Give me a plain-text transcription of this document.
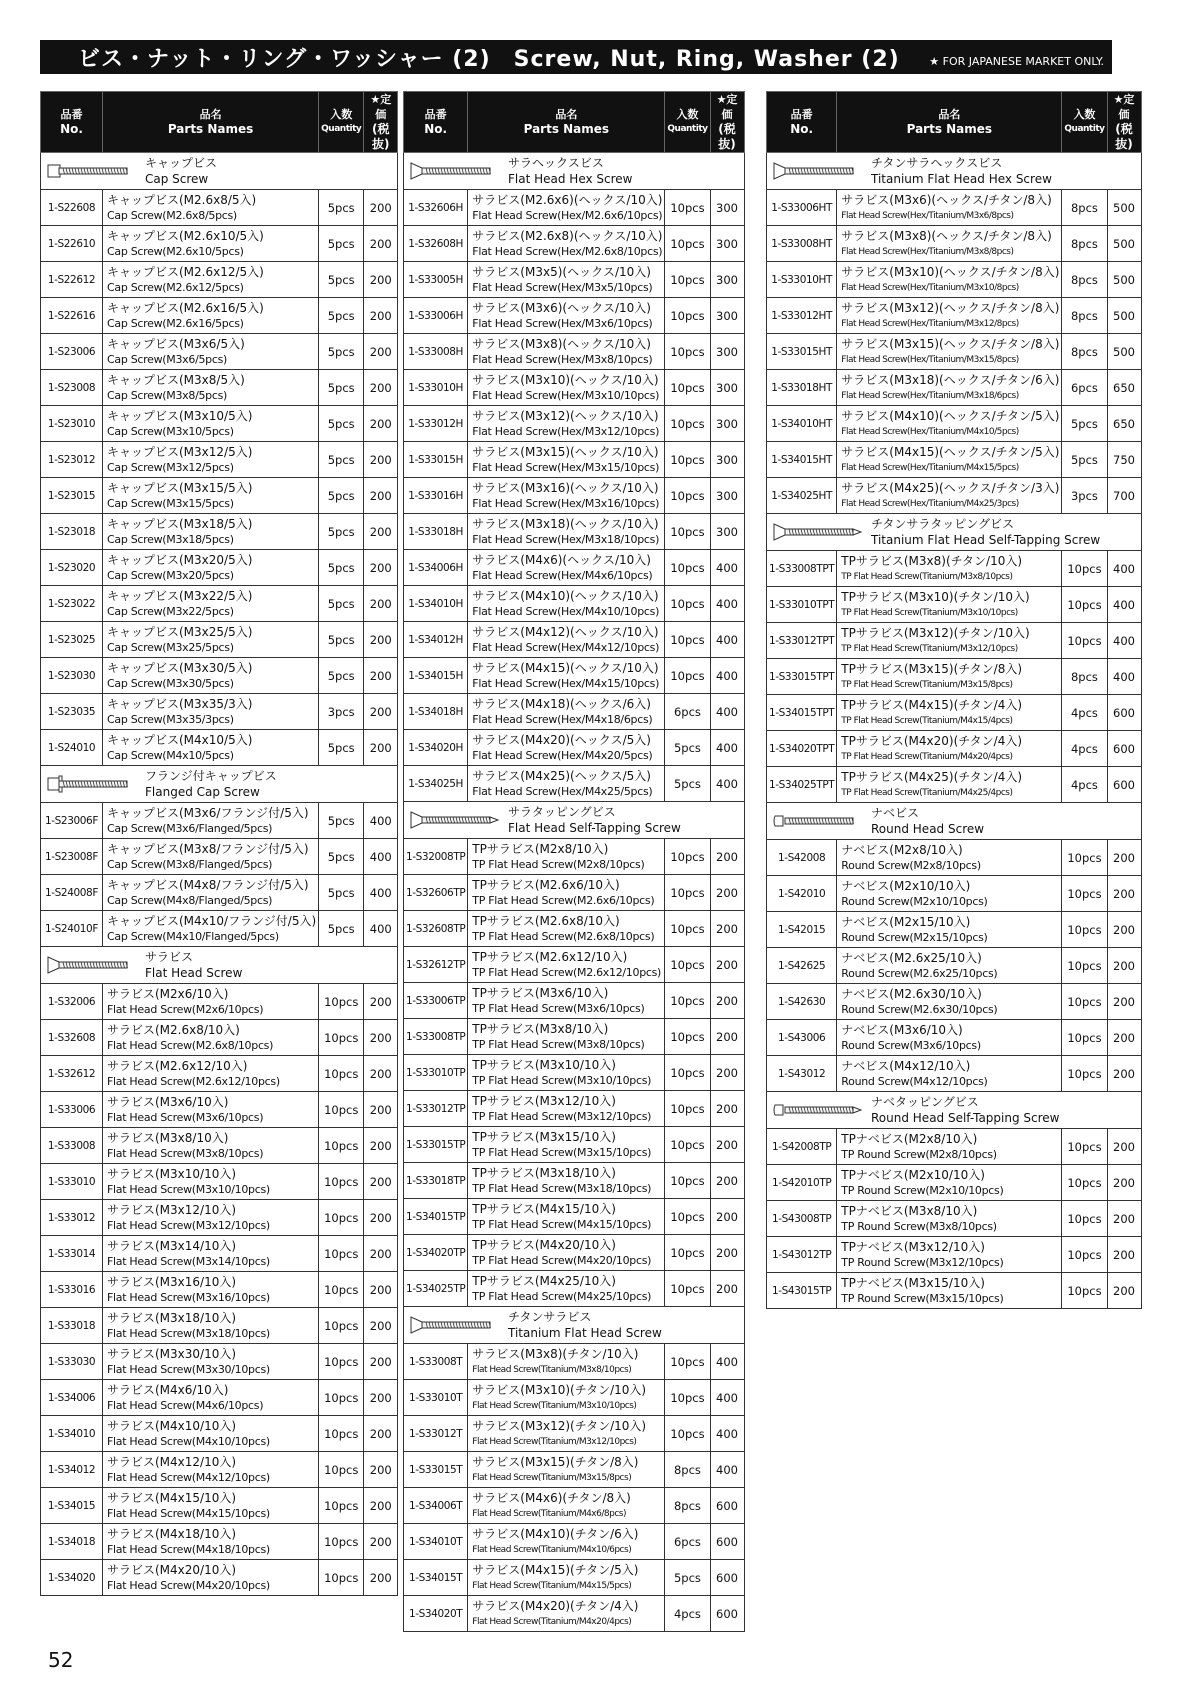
ビス・ナット・リング・ワッシャー (2)　Screw, Nut, Ring, Washer (2)	★ FOR JAPANESE MARKET ONLY.
品番
No.	品名
Parts Names	入数
Quantity	★定価
(税抜)

キャップビス
Cap Screw			

1-S22608	キャップビス(M2.6x8/5入)
Cap Screw(M2.6x8/5pcs)	5pcs	200
1-S22610	キャップビス(M2.6x10/5入)
Cap Screw(M2.6x10/5pcs)	5pcs	200
1-S22612	キャップビス(M2.6x12/5入)
Cap Screw(M2.6x12/5pcs)	5pcs	200
1-S22616	キャップビス(M2.6x16/5入)
Cap Screw(M2.6x16/5pcs)	5pcs	200
1-S23006	キャップビス(M3x6/5入)
Cap Screw(M3x6/5pcs)	5pcs	200
1-S23008	キャップビス(M3x8/5入)
Cap Screw(M3x8/5pcs)	5pcs	200
1-S23010	キャップビス(M3x10/5入)
Cap Screw(M3x10/5pcs)	5pcs	200
1-S23012	キャップビス(M3x12/5入)
Cap Screw(M3x12/5pcs)	5pcs	200
1-S23015	キャップビス(M3x15/5入)
Cap Screw(M3x15/5pcs)	5pcs	200
1-S23018	キャップビス(M3x18/5入)
Cap Screw(M3x18/5pcs)	5pcs	200
1-S23020	キャップビス(M3x20/5入)
Cap Screw(M3x20/5pcs)	5pcs	200
1-S23022	キャップビス(M3x22/5入)
Cap Screw(M3x22/5pcs)	5pcs	200
1-S23025	キャップビス(M3x25/5入)
Cap Screw(M3x25/5pcs)	5pcs	200
1-S23030	キャップビス(M3x30/5入)
Cap Screw(M3x30/5pcs)	5pcs	200
1-S23035	キャップビス(M3x35/3入)
Cap Screw(M3x35/3pcs)	3pcs	200
1-S24010	キャップビス(M4x10/5入)
Cap Screw(M4x10/5pcs)	5pcs	200

フランジ付キャップビス
Flanged Cap Screw			

1-S23006F	キャップビス(M3x6/フランジ付/5入)
Cap Screw(M3x6/Flanged/5pcs)	5pcs	400
1-S23008F	キャップビス(M3x8/フランジ付/5入)
Cap Screw(M3x8/Flanged/5pcs)	5pcs	400
1-S24008F	キャップビス(M4x8/フランジ付/5入)
Cap Screw(M4x8/Flanged/5pcs)	5pcs	400
1-S24010F	キャップビス(M4x10/フランジ付/5入)
Cap Screw(M4x10/Flanged/5pcs)	5pcs	400

サラビス
Flat Head Screw			

1-S32006	サラビス(M2x6/10入)
Flat Head Screw(M2x6/10pcs)	10pcs	200
1-S32608	サラビス(M2.6x8/10入)
Flat Head Screw(M2.6x8/10pcs)	10pcs	200
1-S32612	サラビス(M2.6x12/10入)
Flat Head Screw(M2.6x12/10pcs)	10pcs	200
1-S33006	サラビス(M3x6/10入)
Flat Head Screw(M3x6/10pcs)	10pcs	200
1-S33008	サラビス(M3x8/10入)
Flat Head Screw(M3x8/10pcs)	10pcs	200
1-S33010	サラビス(M3x10/10入)
Flat Head Screw(M3x10/10pcs)	10pcs	200
1-S33012	サラビス(M3x12/10入)
Flat Head Screw(M3x12/10pcs)	10pcs	200
1-S33014	サラビス(M3x14/10入)
Flat Head Screw(M3x14/10pcs)	10pcs	200
1-S33016	サラビス(M3x16/10入)
Flat Head Screw(M3x16/10pcs)	10pcs	200
1-S33018	サラビス(M3x18/10入)
Flat Head Screw(M3x18/10pcs)	10pcs	200
1-S33030	サラビス(M3x30/10入)
Flat Head Screw(M3x30/10pcs)	10pcs	200
1-S34006	サラビス(M4x6/10入)
Flat Head Screw(M4x6/10pcs)	10pcs	200
1-S34010	サラビス(M4x10/10入)
Flat Head Screw(M4x10/10pcs)	10pcs	200
1-S34012	サラビス(M4x12/10入)
Flat Head Screw(M4x12/10pcs)	10pcs	200
1-S34015	サラビス(M4x15/10入)
Flat Head Screw(M4x15/10pcs)	10pcs	200
1-S34018	サラビス(M4x18/10入)
Flat Head Screw(M4x18/10pcs)	10pcs	200
1-S34020	サラビス(M4x20/10入)
Flat Head Screw(M4x20/10pcs)	10pcs	200
品番
No.	品名
Parts Names	入数
Quantity	★定価
(税抜)

サラヘックスビス
Flat Head Hex Screw			

1-S32606H	サラビス(M2.6x6)(ヘックス/10入)
Flat Head Screw(Hex/M2.6x6/10pcs)	10pcs	300
1-S32608H	サラビス(M2.6x8)(ヘックス/10入)
Flat Head Screw(Hex/M2.6x8/10pcs)	10pcs	300
1-S33005H	サラビス(M3x5)(ヘックス/10入)
Flat Head Screw(Hex/M3x5/10pcs)	10pcs	300
1-S33006H	サラビス(M3x6)(ヘックス/10入)
Flat Head Screw(Hex/M3x6/10pcs)	10pcs	300
1-S33008H	サラビス(M3x8)(ヘックス/10入)
Flat Head Screw(Hex/M3x8/10pcs)	10pcs	300
1-S33010H	サラビス(M3x10)(ヘックス/10入)
Flat Head Screw(Hex/M3x10/10pcs)	10pcs	300
1-S33012H	サラビス(M3x12)(ヘックス/10入)
Flat Head Screw(Hex/M3x12/10pcs)	10pcs	300
1-S33015H	サラビス(M3x15)(ヘックス/10入)
Flat Head Screw(Hex/M3x15/10pcs)	10pcs	300
1-S33016H	サラビス(M3x16)(ヘックス/10入)
Flat Head Screw(Hex/M3x16/10pcs)	10pcs	300
1-S33018H	サラビス(M3x18)(ヘックス/10入)
Flat Head Screw(Hex/M3x18/10pcs)	10pcs	300
1-S34006H	サラビス(M4x6)(ヘックス/10入)
Flat Head Screw(Hex/M4x6/10pcs)	10pcs	400
1-S34010H	サラビス(M4x10)(ヘックス/10入)
Flat Head Screw(Hex/M4x10/10pcs)	10pcs	400
1-S34012H	サラビス(M4x12)(ヘックス/10入)
Flat Head Screw(Hex/M4x12/10pcs)	10pcs	400
1-S34015H	サラビス(M4x15)(ヘックス/10入)
Flat Head Screw(Hex/M4x15/10pcs)	10pcs	400
1-S34018H	サラビス(M4x18)(ヘックス/6入)
Flat Head Screw(Hex/M4x18/6pcs)	6pcs	400
1-S34020H	サラビス(M4x20)(ヘックス/5入)
Flat Head Screw(Hex/M4x20/5pcs)	5pcs	400
1-S34025H	サラビス(M4x25)(ヘックス/5入)
Flat Head Screw(Hex/M4x25/5pcs)	5pcs	400

サラタッピングビス
Flat Head Self-Tapping Screw			

1-S32008TP	TPサラビス(M2x8/10入)
TP Flat Head Screw(M2x8/10pcs)	10pcs	200
1-S32606TP	TPサラビス(M2.6x6/10入)
TP Flat Head Screw(M2.6x6/10pcs)	10pcs	200
1-S32608TP	TPサラビス(M2.6x8/10入)
TP Flat Head Screw(M2.6x8/10pcs)	10pcs	200
1-S32612TP	TPサラビス(M2.6x12/10入)
TP Flat Head Screw(M2.6x12/10pcs)	10pcs	200
1-S33006TP	TPサラビス(M3x6/10入)
TP Flat Head Screw(M3x6/10pcs)	10pcs	200
1-S33008TP	TPサラビス(M3x8/10入)
TP Flat Head Screw(M3x8/10pcs)	10pcs	200
1-S33010TP	TPサラビス(M3x10/10入)
TP Flat Head Screw(M3x10/10pcs)	10pcs	200
1-S33012TP	TPサラビス(M3x12/10入)
TP Flat Head Screw(M3x12/10pcs)	10pcs	200
1-S33015TP	TPサラビス(M3x15/10入)
TP Flat Head Screw(M3x15/10pcs)	10pcs	200
1-S33018TP	TPサラビス(M3x18/10入)
TP Flat Head Screw(M3x18/10pcs)	10pcs	200
1-S34015TP	TPサラビス(M4x15/10入)
TP Flat Head Screw(M4x15/10pcs)	10pcs	200
1-S34020TP	TPサラビス(M4x20/10入)
TP Flat Head Screw(M4x20/10pcs)	10pcs	200
1-S34025TP	TPサラビス(M4x25/10入)
TP Flat Head Screw(M4x25/10pcs)	10pcs	200

チタンサラビス
Titanium Flat Head Screw			

1-S33008T	サラビス(M3x8)(チタン/10入)
Flat Head Screw(Titanium/M3x8/10pcs)	10pcs	400
1-S33010T	サラビス(M3x10)(チタン/10入)
Flat Head Screw(Titanium/M3x10/10pcs)	10pcs	400
1-S33012T	サラビス(M3x12)(チタン/10入)
Flat Head Screw(Titanium/M3x12/10pcs)	10pcs	400
1-S33015T	サラビス(M3x15)(チタン/8入)
Flat Head Screw(Titanium/M3x15/8pcs)	8pcs	400
1-S34006T	サラビス(M4x6)(チタン/8入)
Flat Head Screw(Titanium/M4x6/8pcs)	8pcs	600
1-S34010T	サラビス(M4x10)(チタン/6入)
Flat Head Screw(Titanium/M4x10/6pcs)	6pcs	600
1-S34015T	サラビス(M4x15)(チタン/5入)
Flat Head Screw(Titanium/M4x15/5pcs)	5pcs	600
1-S34020T	サラビス(M4x20)(チタン/4入)
Flat Head Screw(Titanium/M4x20/4pcs)	4pcs	600
品番
No.	品名
Parts Names	入数
Quantity	★定価
(税抜)

チタンサラヘックスビス
Titanium Flat Head Hex Screw			

1-S33006HT	サラビス(M3x6)(ヘックス/チタン/8入)
Flat Head Screw(Hex/Titanium/M3x6/8pcs)	8pcs	500
1-S33008HT	サラビス(M3x8)(ヘックス/チタン/8入)
Flat Head Screw(Hex/Titanium/M3x8/8pcs)	8pcs	500
1-S33010HT	サラビス(M3x10)(ヘックス/チタン/8入)
Flat Head Screw(Hex/Titanium/M3x10/8pcs)	8pcs	500
1-S33012HT	サラビス(M3x12)(ヘックス/チタン/8入)
Flat Head Screw(Hex/Titanium/M3x12/8pcs)	8pcs	500
1-S33015HT	サラビス(M3x15)(ヘックス/チタン/8入)
Flat Head Screw(Hex/Titanium/M3x15/8pcs)	8pcs	500
1-S33018HT	サラビス(M3x18)(ヘックス/チタン/6入)
Flat Head Screw(Hex/Titanium/M3x18/6pcs)	6pcs	650
1-S34010HT	サラビス(M4x10)(ヘックス/チタン/5入)
Flat Head Screw(Hex/Titanium/M4x10/5pcs)	5pcs	650
1-S34015HT	サラビス(M4x15)(ヘックス/チタン/5入)
Flat Head Screw(Hex/Titanium/M4x15/5pcs)	5pcs	750
1-S34025HT	サラビス(M4x25)(ヘックス/チタン/3入)
Flat Head Screw(Hex/Titanium/M4x25/3pcs)	3pcs	700

チタンサラタッピングビス
Titanium Flat Head Self-Tapping Screw			

1-S33008TPT	TPサラビス(M3x8)(チタン/10入)
TP Flat Head Screw(Titanium/M3x8/10pcs)	10pcs	400
1-S33010TPT	TPサラビス(M3x10)(チタン/10入)
TP Flat Head Screw(Titanium/M3x10/10pcs)	10pcs	400
1-S33012TPT	TPサラビス(M3x12)(チタン/10入)
TP Flat Head Screw(Titanium/M3x12/10pcs)	10pcs	400
1-S33015TPT	TPサラビス(M3x15)(チタン/8入)
TP Flat Head Screw(Titanium/M3x15/8pcs)	8pcs	400
1-S34015TPT	TPサラビス(M4x15)(チタン/4入)
TP Flat Head Screw(Titanium/M4x15/4pcs)	4pcs	600
1-S34020TPT	TPサラビス(M4x20)(チタン/4入)
TP Flat Head Screw(Titanium/M4x20/4pcs)	4pcs	600
1-S34025TPT	TPサラビス(M4x25)(チタン/4入)
TP Flat Head Screw(Titanium/M4x25/4pcs)	4pcs	600

ナベビス
Round Head Screw			

1-S42008	ナベビス(M2x8/10入)
Round Screw(M2x8/10pcs)	10pcs	200
1-S42010	ナベビス(M2x10/10入)
Round Screw(M2x10/10pcs)	10pcs	200
1-S42015	ナベビス(M2x15/10入)
Round Screw(M2x15/10pcs)	10pcs	200
1-S42625	ナベビス(M2.6x25/10入)
Round Screw(M2.6x25/10pcs)	10pcs	200
1-S42630	ナベビス(M2.6x30/10入)
Round Screw(M2.6x30/10pcs)	10pcs	200
1-S43006	ナベビス(M3x6/10入)
Round Screw(M3x6/10pcs)	10pcs	200
1-S43012	ナベビス(M4x12/10入)
Round Screw(M4x12/10pcs)	10pcs	200

ナベタッピングビス
Round Head Self-Tapping Screw			

1-S42008TP	TPナベビス(M2x8/10入)
TP Round Screw(M2x8/10pcs)	10pcs	200
1-S42010TP	TPナベビス(M2x10/10入)
TP Round Screw(M2x10/10pcs)	10pcs	200
1-S43008TP	TPナベビス(M3x8/10入)
TP Round Screw(M3x8/10pcs)	10pcs	200
1-S43012TP	TPナベビス(M3x12/10入)
TP Round Screw(M3x12/10pcs)	10pcs	200
1-S43015TP	TPナベビス(M3x15/10入)
TP Round Screw(M3x15/10pcs)	10pcs	200
52
